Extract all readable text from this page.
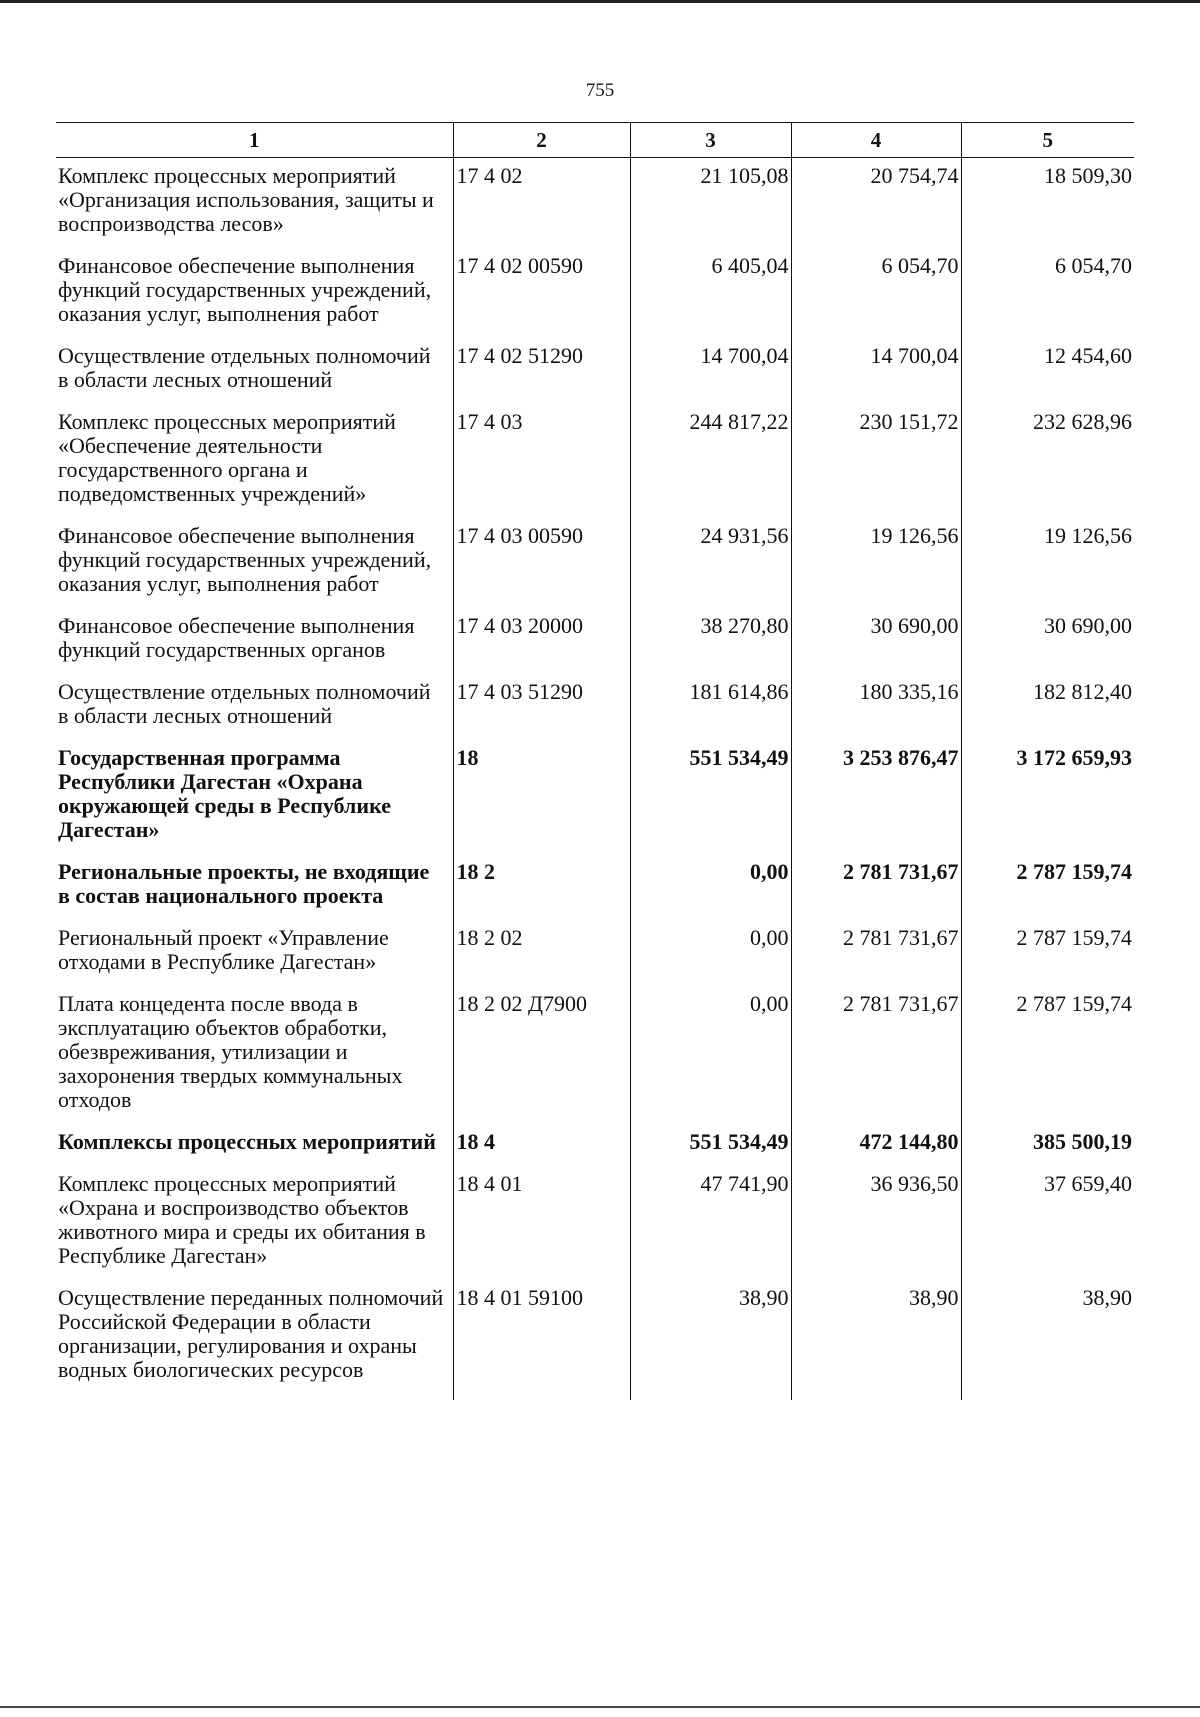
755
1	2	3	4	5
Комплекс процессных мероприятий «Организация использования, защиты и воспроизводства лесов»	17 4 02	21 105,08	20 754,74	18 509,30
Финансовое обеспечение выполнения функций государственных учреждений, оказания услуг, выполнения работ	17 4 02 00590	6 405,04	6 054,70	6 054,70
Осуществление отдельных полномочий в области лесных отношений	17 4 02 51290	14 700,04	14 700,04	12 454,60
Комплекс процессных мероприятий «Обеспечение деятельности государственного органа и подведомственных учреждений»	17 4 03	244 817,22	230 151,72	232 628,96
Финансовое обеспечение выполнения функций государственных учреждений, оказания услуг, выполнения работ	17 4 03 00590	24 931,56	19 126,56	19 126,56
Финансовое обеспечение выполнения функций государственных органов	17 4 03 20000	38 270,80	30 690,00	30 690,00
Осуществление отдельных полномочий в области лесных отношений	17 4 03 51290	181 614,86	180 335,16	182 812,40
Государственная программа Республики Дагестан «Охрана окружающей среды в Республике Дагестан»	18	551 534,49	3 253 876,47	3 172 659,93
Региональные проекты, не входящие в состав национального проекта	18 2	0,00	2 781 731,67	2 787 159,74
Региональный проект «Управление отходами в Республике Дагестан»	18 2 02	0,00	2 781 731,67	2 787 159,74
Плата концедента после ввода в эксплуатацию объектов обработки, обезвреживания, утилизации и захоронения твердых коммунальных отходов	18 2 02 Д7900	0,00	2 781 731,67	2 787 159,74
Комплексы процессных мероприятий	18 4	551 534,49	472 144,80	385 500,19
Комплекс процессных мероприятий «Охрана и воспроизводство объектов животного мира и среды их обитания в Республике Дагестан»	18 4 01	47 741,90	36 936,50	37 659,40
Осуществление переданных полномочий Российской Федерации в области организации, регулирования и охраны водных биологических ресурсов	18 4 01 59100	38,90	38,90	38,90
